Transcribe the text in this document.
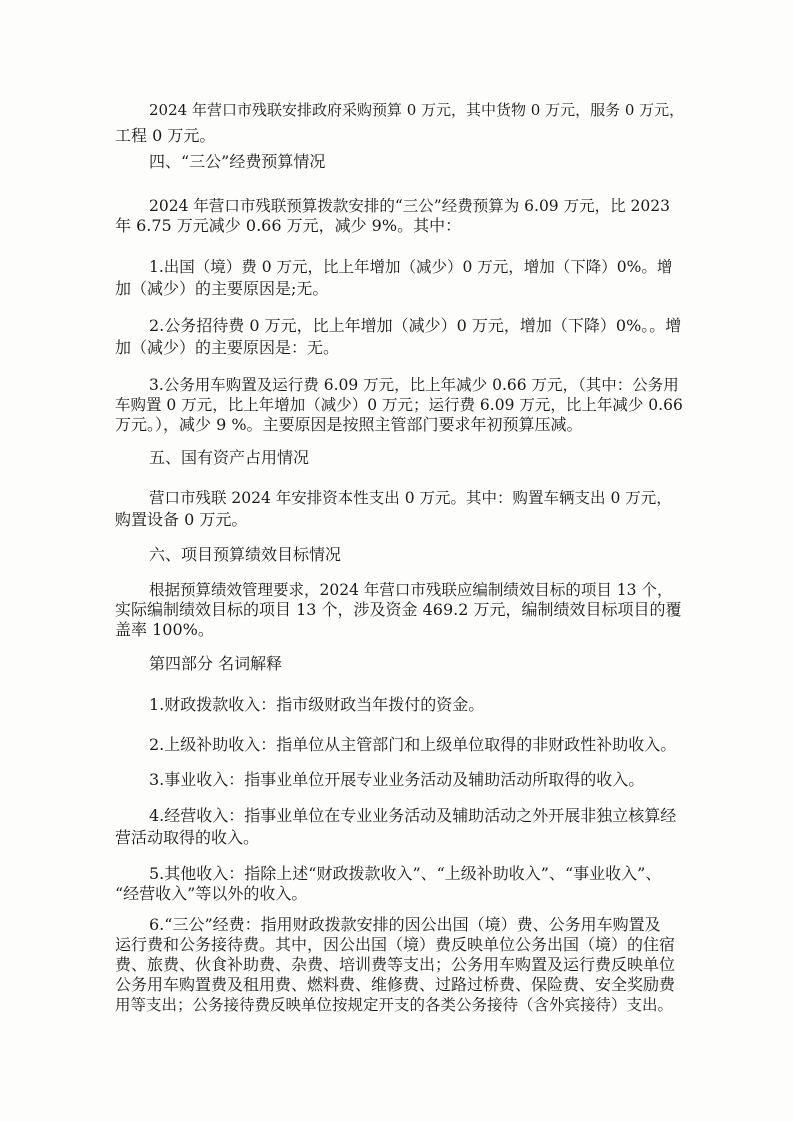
2024 年营口市残联安排政府采购预算 0 万元，其中货物 0 万元，服务 0 万元，
工程 0 万元。

四、“三公”经费预算情况

2024 年营口市残联预算拨款安排的“三公”经费预算为 6.09 万元，比 2023
年 6.75 万元减少 0.66 万元，减少 9%。其中：
1.出国（境）费 0 万元，比上年增加（减少）0 万元，增加（下降）0%。增
加（减少）的主要原因是;无。
2.公务招待费 0 万元，比上年增加（减少）0 万元，增加（下降）0%。。增
加（减少）的主要原因是：无。
3.公务用车购置及运行费 6.09 万元，比上年减少 0.66 万元，（其中：公务用
车购置 0 万元，比上年增加（减少）0 万元；运行费 6.09 万元，比上年减少 0.66
万元。），减少 9 %。主要原因是按照主管部门要求年初预算压减。

五、国有资产占用情况

营口市残联 2024 年安排资本性支出 0 万元。其中：购置车辆支出 0 万元，
购置设备 0 万元。

六、项目预算绩效目标情况

根据预算绩效管理要求，2024 年营口市残联应编制绩效目标的项目 13 个，
实际编制绩效目标的项目 13 个，涉及资金 469.2 万元，编制绩效目标项目的覆
盖率 100%。

第四部分 名词解释

1.财政拨款收入：指市级财政当年拨付的资金。
2.上级补助收入：指单位从主管部门和上级单位取得的非财政性补助收入。
3.事业收入：指事业单位开展专业业务活动及辅助活动所取得的收入。
4.经营收入：指事业单位在专业业务活动及辅助活动之外开展非独立核算经
营活动取得的收入。
5.其他收入：指除上述“财政拨款收入”、“上级补助收入”、“事业收入”、
“经营收入”等以外的收入。
6.“三公”经费：指用财政拨款安排的因公出国（境）费、公务用车购置及
运行费和公务接待费。其中，因公出国（境）费反映单位公务出国（境）的住宿
费、旅费、伙食补助费、杂费、培训费等支出；公务用车购置及运行费反映单位
公务用车购置费及租用费、燃料费、维修费、过路过桥费、保险费、安全奖励费
用等支出；公务接待费反映单位按规定开支的各类公务接待（含外宾接待）支出。
